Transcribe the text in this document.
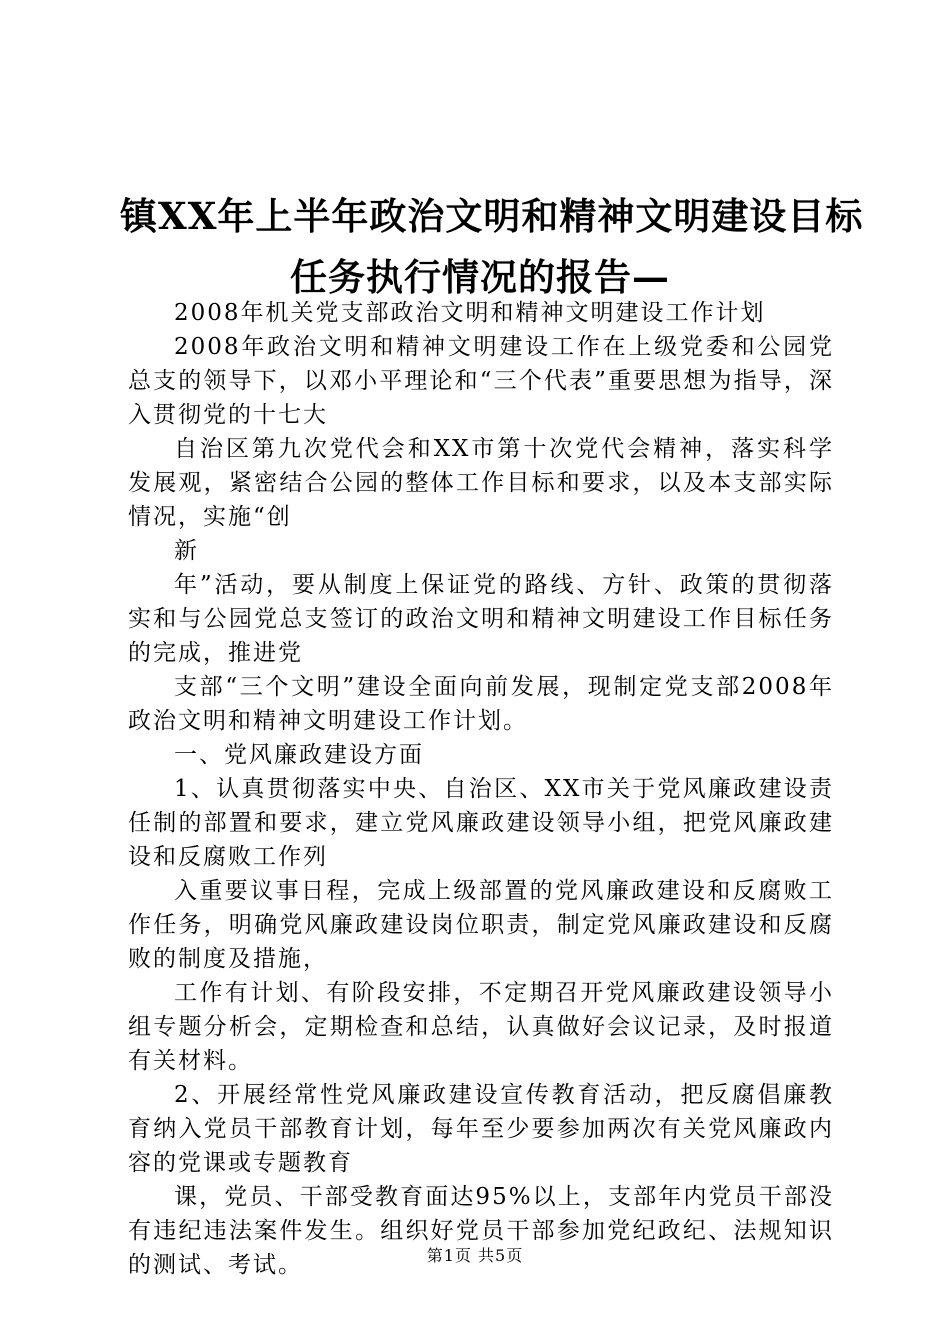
镇XX年上半年政治文明和精神文明建设目标
任务执行情况的报告—

2008年机关党支部政治文明和精神文明建设工作计划

2008年政治文明和精神文明建设工作在上级党委和公园党总支的领导下，以邓小平理论和“三个代表”重要思想为指导，深入贯彻党的十七大

自治区第九次党代会和XX市第十次党代会精神，落实科学发展观，紧密结合公园的整体工作目标和要求，以及本支部实际情况，实施“创

新

年”活动，要从制度上保证党的路线、方针、政策的贯彻落实和与公园党总支签订的政治文明和精神文明建设工作目标任务的完成，推进党

支部“三个文明”建设全面向前发展，现制定党支部2008年政治文明和精神文明建设工作计划。

一、党风廉政建设方面

1、认真贯彻落实中央、自治区、XX市关于党风廉政建设责任制的部置和要求，建立党风廉政建设领导小组，把党风廉政建设和反腐败工作列

入重要议事日程，完成上级部置的党风廉政建设和反腐败工作任务，明确党风廉政建设岗位职责，制定党风廉政建设和反腐败的制度及措施，

工作有计划、有阶段安排，不定期召开党风廉政建设领导小组专题分析会，定期检查和总结，认真做好会议记录，及时报道有关材料。

2、开展经常性党风廉政建设宣传教育活动，把反腐倡廉教育纳入党员干部教育计划，每年至少要参加两次有关党风廉政内容的党课或专题教育

课，党员、干部受教育面达95%以上，支部年内党员干部没有违纪违法案件发生。组织好党员干部参加党纪政纪、法规知识的测试、考试。	第1页 共5页
